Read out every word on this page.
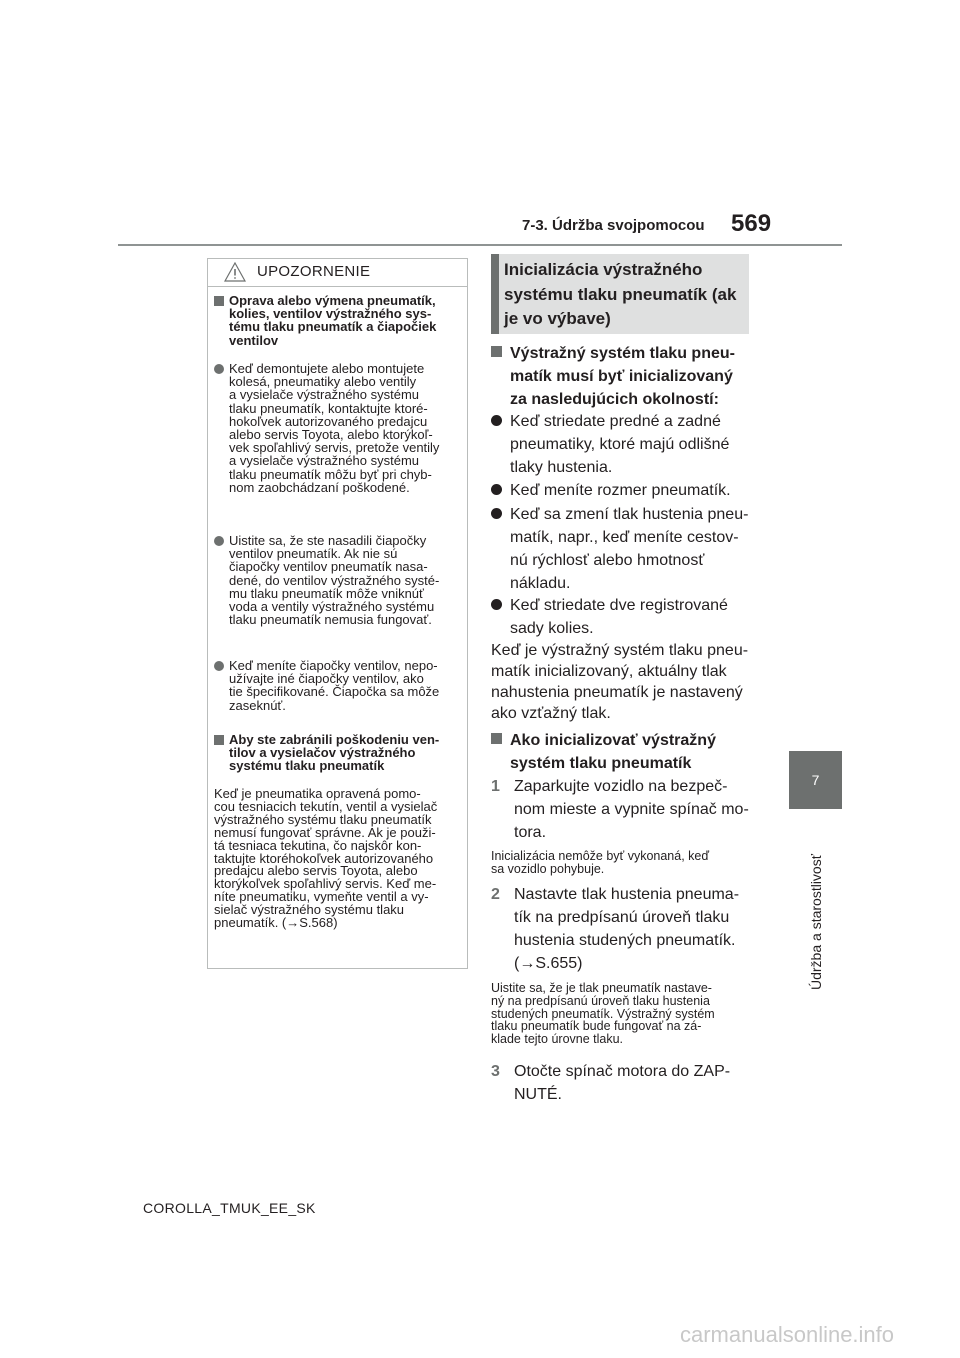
7-3. Údržba svojpomocou 569
7
Údržba a starostlivosť
UPOZORNENIE
Oprava alebo výmena pneumatík,
kolies, ventilov výstražného sys-
tému tlaku pneumatík a čiapočiek
ventilov
Keď demontujete alebo montujete
kolesá, pneumatiky alebo ventily
a vysielače výstražného systému
tlaku pneumatík, kontaktujte ktoré-
hokoľvek autorizovaného predajcu
alebo servis Toyota, alebo ktorýkoľ-
vek spoľahlivý servis, pretože ventily
a vysielače výstražného systému
tlaku pneumatík môžu byť pri chyb-
nom zaobchádzaní poškodené.
Uistite sa, že ste nasadili čiapočky
ventilov pneumatík. Ak nie sú
čiapočky ventilov pneumatík nasa-
dené, do ventilov výstražného systé-
mu tlaku pneumatík môže vniknúť
voda a ventily výstražného systému
tlaku pneumatík nemusia fungovať.
Keď meníte čiapočky ventilov, nepo-
užívajte iné čiapočky ventilov, ako
tie špecifikované. Čiapočka sa môže
zaseknúť.
Aby ste zabránili poškodeniu ven-
tilov a vysielačov výstražného
systému tlaku pneumatík
Keď je pneumatika opravená pomo-
cou tesniacich tekutín, ventil a vysielač
výstražného systému tlaku pneumatík
nemusí fungovať správne. Ak je použi-
tá tesniaca tekutina, čo najskôr kon-
taktujte ktoréhokoľvek autorizovaného
predajcu alebo servis Toyota, alebo
ktorýkoľvek spoľahlivý servis. Keď me-
níte pneumatiku, vymeňte ventil a vy-
sielač výstražného systému tlaku
pneumatík. (→S.568)
Inicializácia výstražného
systému tlaku pneumatík (ak
je vo výbave)
Výstražný systém tlaku pneu-
matík musí byť inicializovaný
za nasledujúcich okolností:
Keď striedate predné a zadné
pneumatiky, ktoré majú odlišné
tlaky hustenia.
Keď meníte rozmer pneumatík.
Keď sa zmení tlak hustenia pneu-
matík, napr., keď meníte cestov-
nú rýchlosť alebo hmotnosť
nákladu.
Keď striedate dve registrované
sady kolies.
Keď je výstražný systém tlaku pneu-
matík inicializovaný, aktuálny tlak
nahustenia pneumatík je nastavený
ako vzťažný tlak.
Ako inicializovať výstražný
systém tlaku pneumatík
1 Zaparkujte vozidlo na bezpeč-
nom mieste a vypnite spínač mo-
tora.
Inicializácia nemôže byť vykonaná, keď
sa vozidlo pohybuje.
2 Nastavte tlak hustenia pneuma-
tík na predpísanú úroveň tlaku
hustenia studených pneumatík.
(→S.655)
Uistite sa, že je tlak pneumatík nastave-
ný na predpísanú úroveň tlaku hustenia
studených pneumatík. Výstražný systém
tlaku pneumatík bude fungovať na zá-
klade tejto úrovne tlaku.
3 Otočte spínač motora do ZAP-
NUTÉ.
COROLLA_TMUK_EE_SK
carmanualsonline.info
